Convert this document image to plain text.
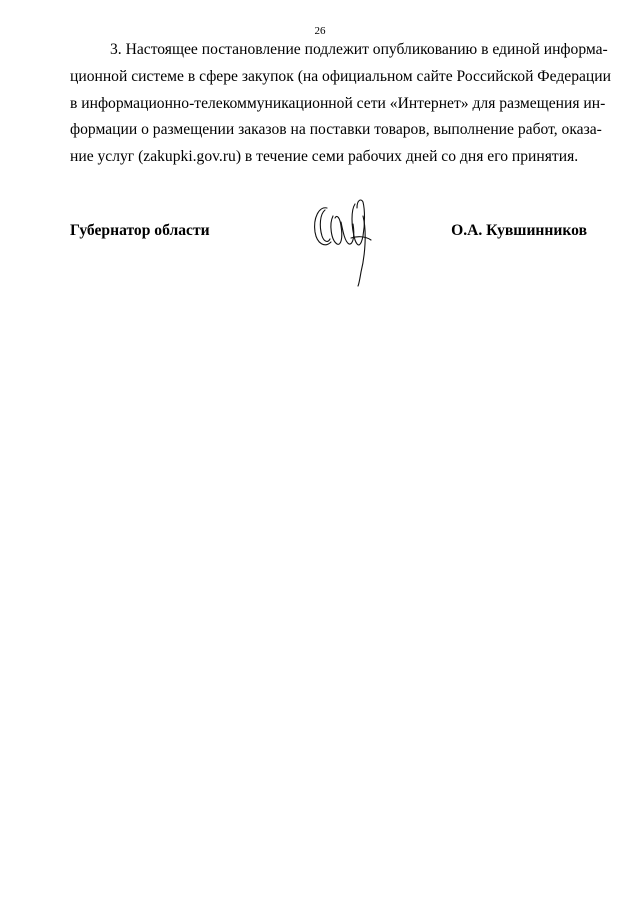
26
3. Настоящее постановление подлежит опубликованию в единой информа-
ционной системе в сфере закупок (на официальном сайте Российской Федерации
в информационно-телекоммуникационной сети «Интернет» для размещения ин-
формации о размещении заказов на поставки товаров, выполнение работ, оказа-
ние услуг (zakupki.gov.ru) в течение семи рабочих дней со дня его принятия.
Губернатор области	О.А. Кувшинников
